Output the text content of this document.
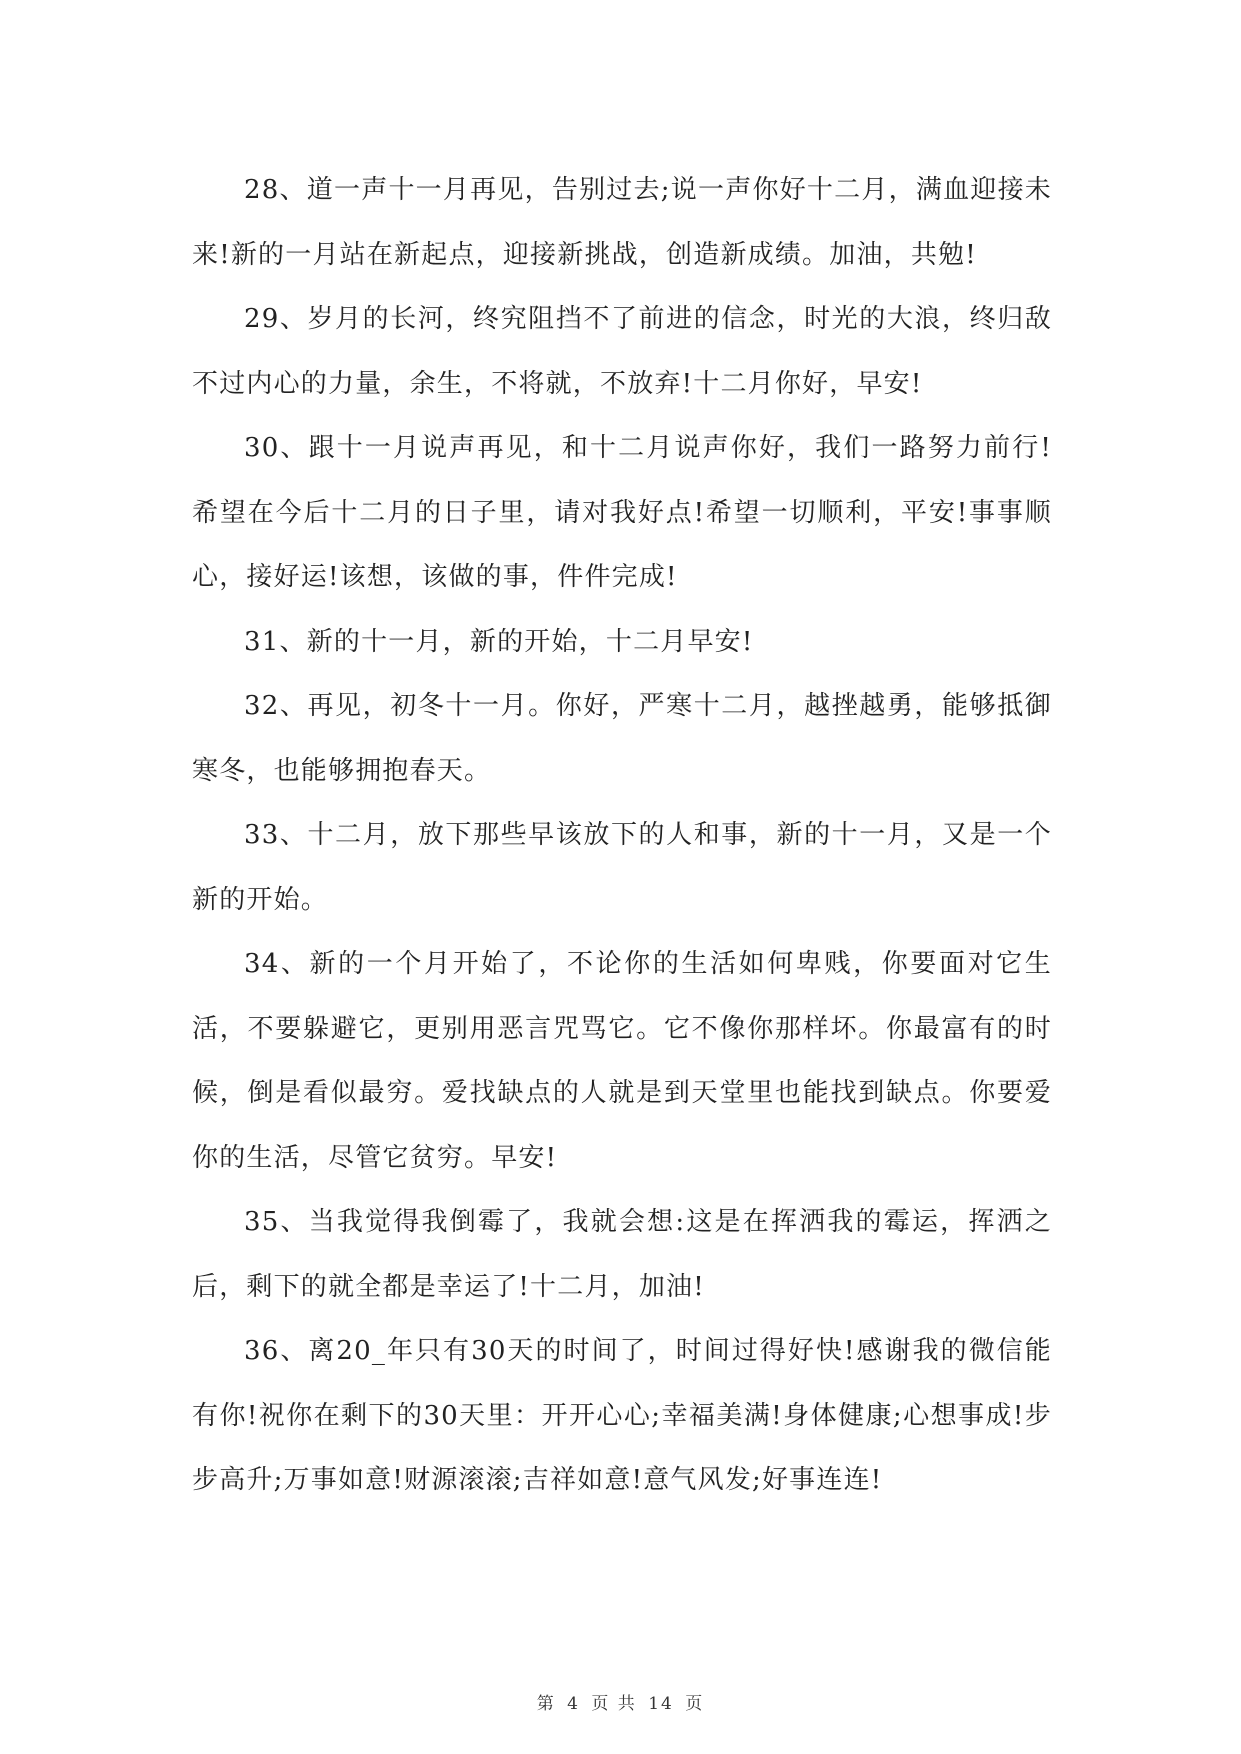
28、道一声十一月再见，告别过去;说一声你好十二月，满血迎接未来!新的一月站在新起点，迎接新挑战，创造新成绩。加油，共勉!

29、岁月的长河，终究阻挡不了前进的信念，时光的大浪，终归敌不过内心的力量，余生，不将就，不放弃!十二月你好，早安!

30、跟十一月说声再见，和十二月说声你好，我们一路努力前行!希望在今后十二月的日子里，请对我好点!希望一切顺利，平安!事事顺心，接好运!该想，该做的事，件件完成!

31、新的十一月，新的开始，十二月早安!

32、再见，初冬十一月。你好，严寒十二月，越挫越勇，能够抵御寒冬，也能够拥抱春天。

33、十二月，放下那些早该放下的人和事，新的十一月，又是一个新的开始。

34、新的一个月开始了，不论你的生活如何卑贱，你要面对它生活，不要躲避它，更别用恶言咒骂它。它不像你那样坏。你最富有的时候，倒是看似最穷。爱找缺点的人就是到天堂里也能找到缺点。你要爱你的生活，尽管它贫穷。早安!

35、当我觉得我倒霉了，我就会想:这是在挥洒我的霉运，挥洒之后，剩下的就全都是幸运了!十二月，加油!

36、离20_年只有30天的时间了，时间过得好快!感谢我的微信能有你!祝你在剩下的30天里：开开心心;幸福美满!身体健康;心想事成!步步高升;万事如意!财源滚滚;吉祥如意!意气风发;好事连连!

第 4 页 共 14 页
